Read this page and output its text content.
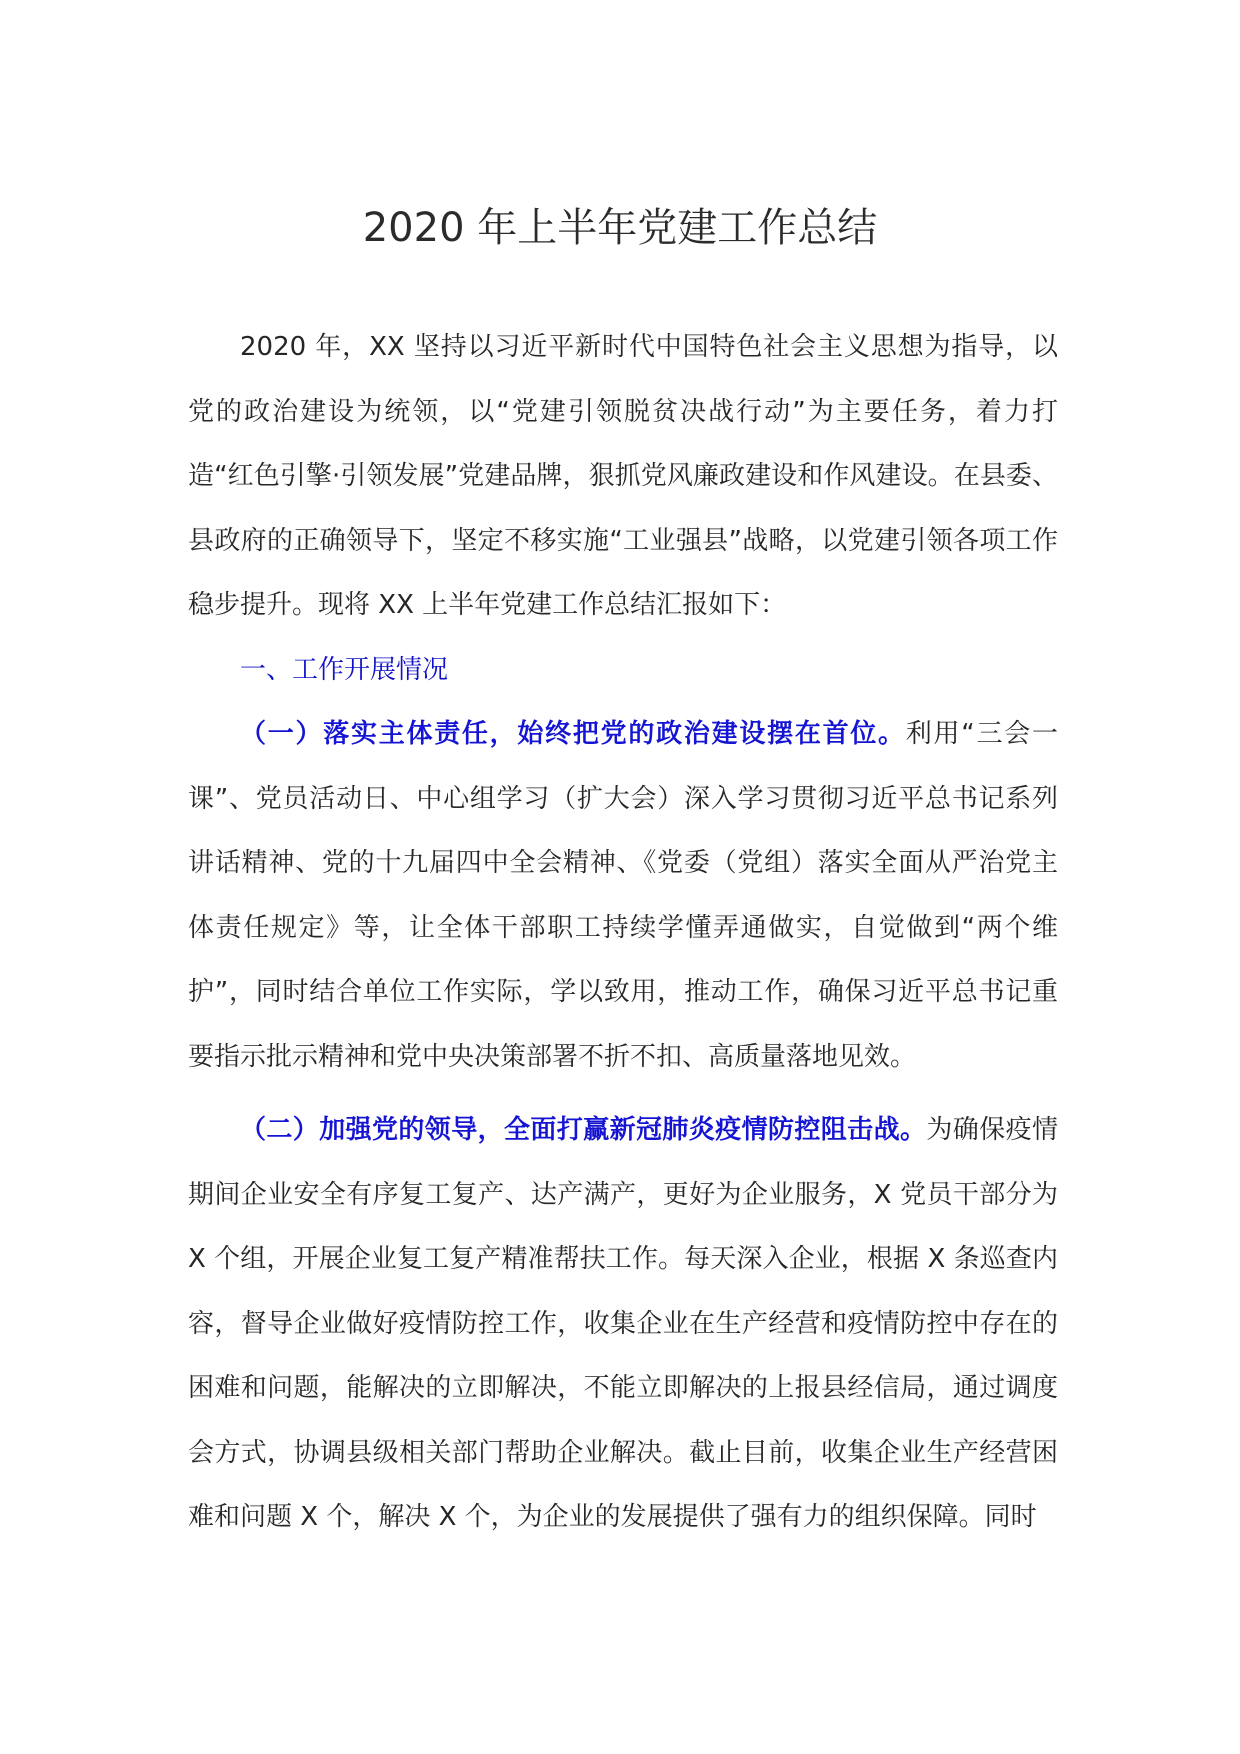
2020 年上半年党建工作总结

2020 年，XX 坚持以习近平新时代中国特色社会主义思想为指导，以党的政治建设为统领，以“党建引领脱贫决战行动”为主要任务，着力打造“红色引擎·引领发展”党建品牌，狠抓党风廉政建设和作风建设。在县委、县政府的正确领导下，坚定不移实施“工业强县”战略，以党建引领各项工作稳步提升。现将 XX 上半年党建工作总结汇报如下：

一、工作开展情况

（一）落实主体责任，始终把党的政治建设摆在首位。利用“三会一课”、党员活动日、中心组学习（扩大会）深入学习贯彻习近平总书记系列讲话精神、党的十九届四中全会精神、《党委（党组）落实全面从严治党主体责任规定》等，让全体干部职工持续学懂弄通做实，自觉做到“两个维护”，同时结合单位工作实际，学以致用，推动工作，确保习近平总书记重要指示批示精神和党中央决策部署不折不扣、高质量落地见效。

（二）加强党的领导，全面打赢新冠肺炎疫情防控阻击战。为确保疫情期间企业安全有序复工复产、达产满产，更好为企业服务，X 党员干部分为 X 个组，开展企业复工复产精准帮扶工作。每天深入企业，根据 X 条巡查内容，督导企业做好疫情防控工作，收集企业在生产经营和疫情防控中存在的困难和问题，能解决的立即解决，不能立即解决的上报县经信局，通过调度会方式，协调县级相关部门帮助企业解决。截止目前，收集企业生产经营困难和问题 X 个，解决 X 个，为企业的发展提供了强有力的组织保障。同时
